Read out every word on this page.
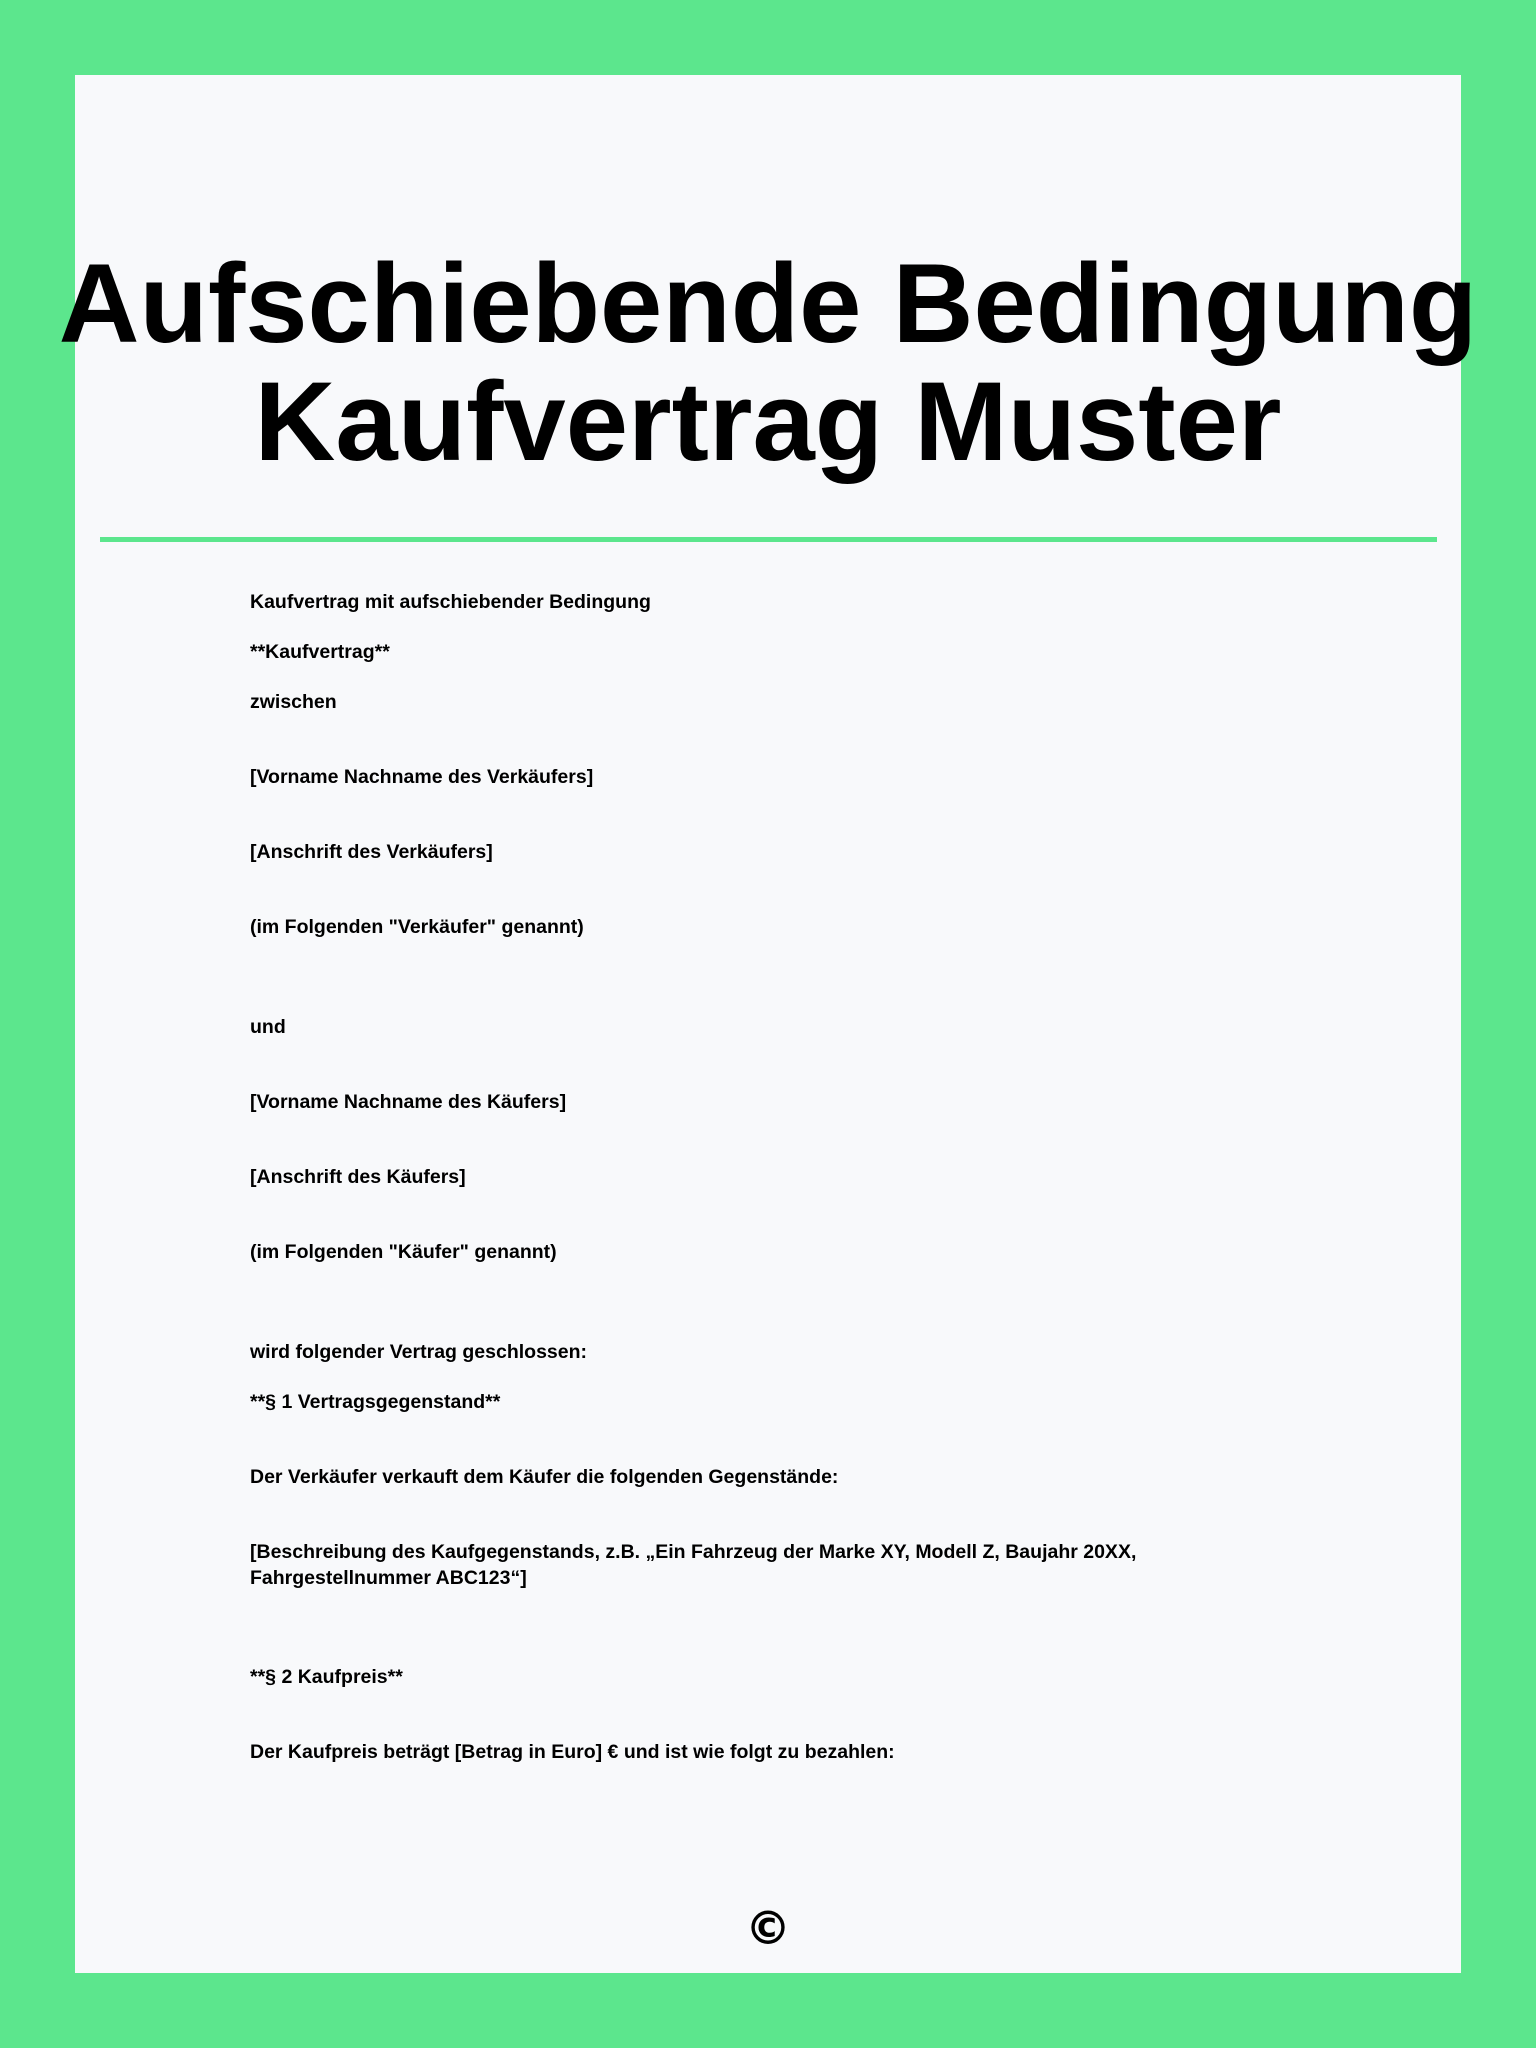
Aufschiebende Bedingung
Kaufvertrag Muster

Kaufvertrag mit aufschiebender Bedingung

**Kaufvertrag**

zwischen

[Vorname Nachname des Verkäufers]

[Anschrift des Verkäufers]

(im Folgenden "Verkäufer" genannt)

und

[Vorname Nachname des Käufers]

[Anschrift des Käufers]

(im Folgenden "Käufer" genannt)

wird folgender Vertrag geschlossen:

**§ 1 Vertragsgegenstand**

Der Verkäufer verkauft dem Käufer die folgenden Gegenstände:

[Beschreibung des Kaufgegenstands, z.B. „Ein Fahrzeug der Marke XY, Modell Z, Baujahr 20XX, Fahrgestellnummer ABC123“]

**§ 2 Kaufpreis**

Der Kaufpreis beträgt [Betrag in Euro] € und ist wie folgt zu bezahlen:

©
